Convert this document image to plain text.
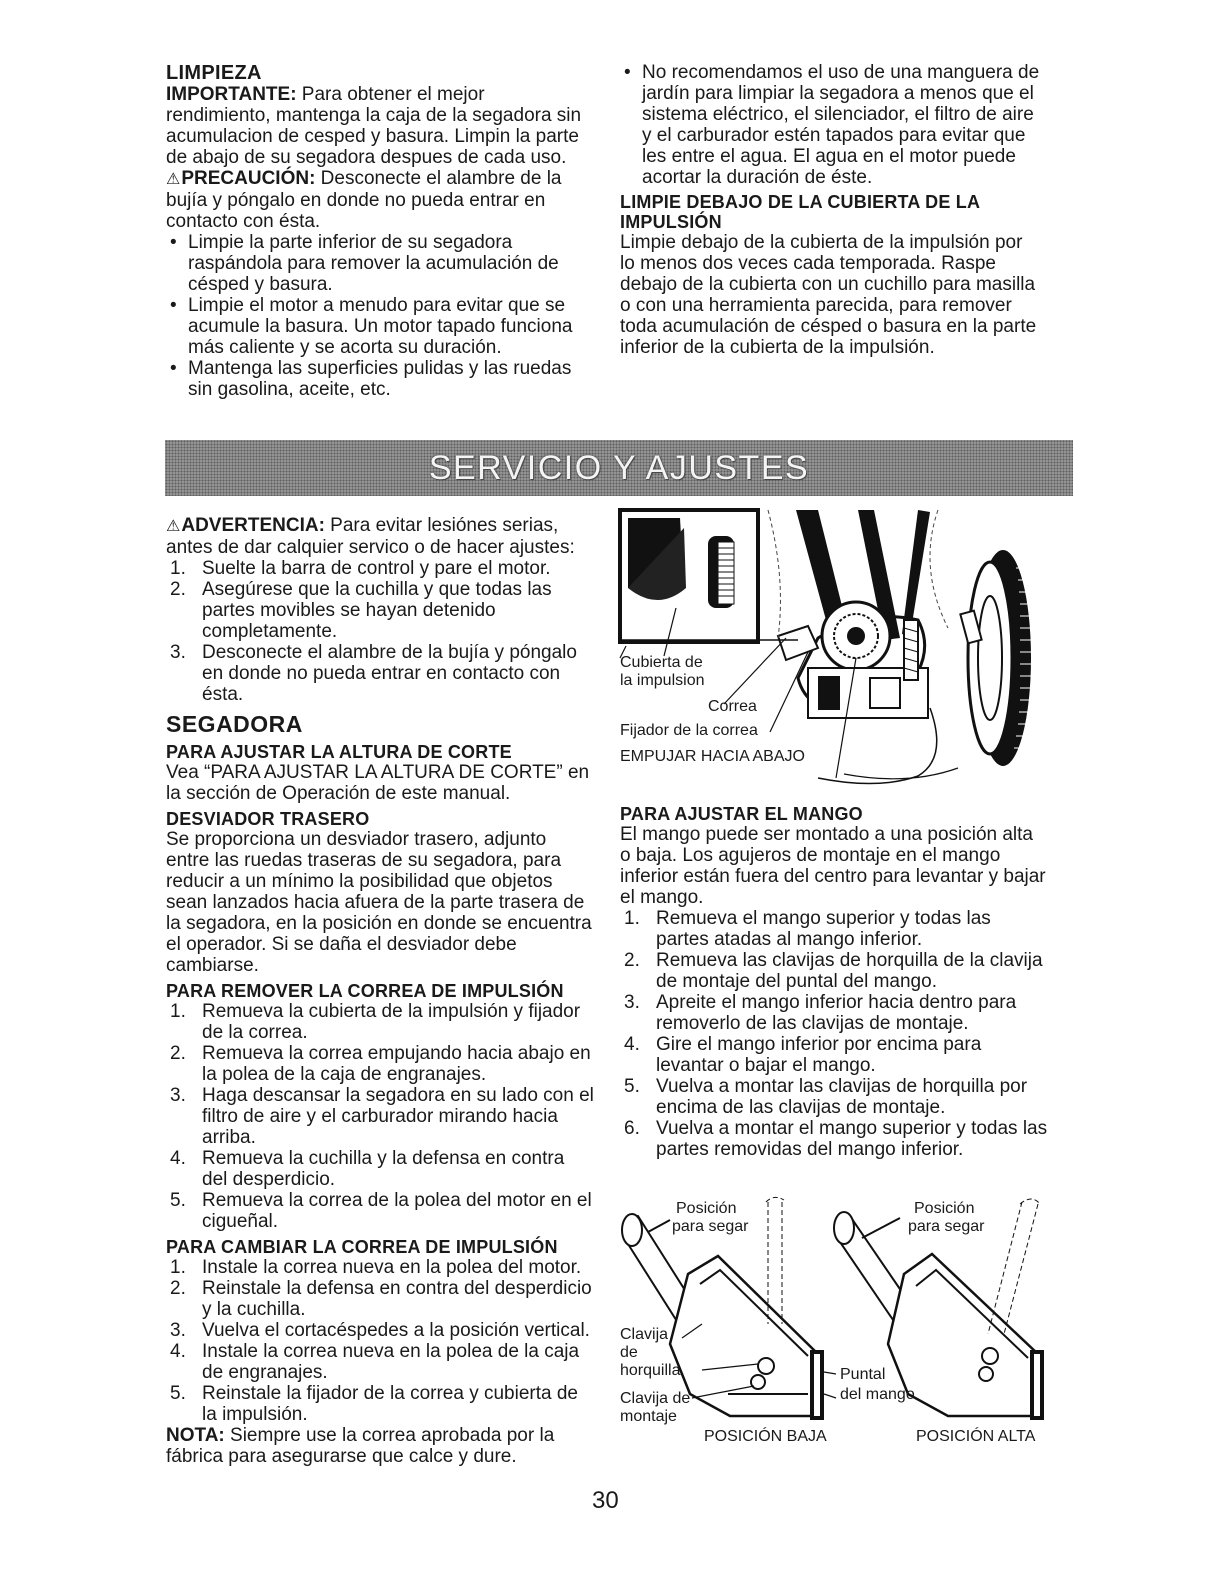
LIMPIEZA

IMPORTANTE: Para obtener el mejor rendimiento, mantenga la caja de la segadora sin acumulacion de cesped y basura. Limpin la parte de abajo de su segadora despues de cada uso.

⚠PRECAUCIÓN: Desconecte el alambre de la bujía y póngalo en donde no pueda entrar en contacto con ésta.

• Limpie la parte inferior de su segadora raspándola para remover la acumulación de césped y basura.
• Limpie el motor a menudo para evitar que se acumule la basura. Un motor tapado funciona más caliente y se acorta su duración.
• Mantenga las superficies pulidas y las ruedas sin gasolina, aceite, etc.
• No recomendamos el uso de una manguera de jardín para limpiar la segadora a menos que el sistema eléctrico, el silenciador, el filtro de aire y el carburador estén tapados para evitar que les entre el agua. El agua en el motor puede acortar la duración de éste.
LIMPIE DEBAJO DE LA CUBIERTA DE LA IMPULSIÓN

Limpie debajo de la cubierta de la impulsión por lo menos dos veces cada temporada. Raspe debajo de la cubierta con un cuchillo para masilla o con una herramienta parecida, para remover toda acumulación de césped o basura en la parte inferior de la cubierta de la impulsión.

SERVICIO Y AJUSTES

⚠ADVERTENCIA: Para evitar lesiónes serias, antes de dar calquier servico o de hacer ajustes:

1. Suelte la barra de control y pare el motor.
2. Asegúrese que la cuchilla y que todas las partes movibles se hayan detenido completamente.
3. Desconecte el alambre de la bujía y póngalo en donde no pueda entrar en contacto con ésta.
SEGADORA
PARA AJUSTAR LA ALTURA DE CORTE

Vea “PARA AJUSTAR LA ALTURA DE CORTE” en la sección de Operación de este manual.

DESVIADOR TRASERO

Se proporciona un desviador trasero, adjunto entre las ruedas traseras de su segadora, para reducir a un mínimo la posibilidad que objetos sean lanzados hacia afuera de la parte trasera de la segadora, en la posición en donde se encuentra el operador. Si se daña el desviador debe cambiarse.

PARA REMOVER LA CORREA DE IMPULSIÓN
1. Remueva la cubierta de la impulsión y fijador de la correa.
2. Remueva la correa empujando hacia abajo en la polea de la caja de engranajes.
3. Haga descansar la segadora en su lado con el filtro de aire y el carburador mirando hacia arriba.
4. Remueva la cuchilla y la defensa en contra del desperdicio.
5. Remueva la correa de la polea del motor en el cigueñal.
PARA CAMBIAR LA CORREA DE IMPULSIÓN
1. Instale la correa nueva en la polea del motor.
2. Reinstale la defensa en contra del desperdicio y la cuchilla.
3. Vuelva el cortacéspedes a la posición vertical.
4. Instale la correa nueva en la polea de la caja de engranajes.
5. Reinstale la fijador de la correa y cubierta de la impulsión.

NOTA: Siempre use la correa aprobada por la fábrica para asegurarse que calce y dure.

Cubierta de
la impulsion
Correa
Fijador de la correa
EMPUJAR HACIA ABAJO
PARA AJUSTAR EL MANGO

El mango puede ser montado a una posición alta o baja. Los agujeros de montaje en el mango inferior están fuera del centro para levantar y bajar el mango.

1. Remueva el mango superior y todas las partes atadas al mango inferior.
2. Remueva las clavijas de horquilla de la clavija de montaje del puntal del mango.
3. Apreite el mango inferior hacia dentro para removerlo de las clavijas de montaje.
4. Gire el mango inferior por encima para levantar o bajar el mango.
5. Vuelva a montar las clavijas de horquilla por encima de las clavijas de montaje.
6. Vuelva a montar el mango superior y todas las partes removidas del mango inferior.
Posición
para segar
Posición
para segar
Clavija
de
horquilla
Clavija de
montaje
Puntal
del mango
POSICIÓN BAJA	POSICIÓN ALTA
30
